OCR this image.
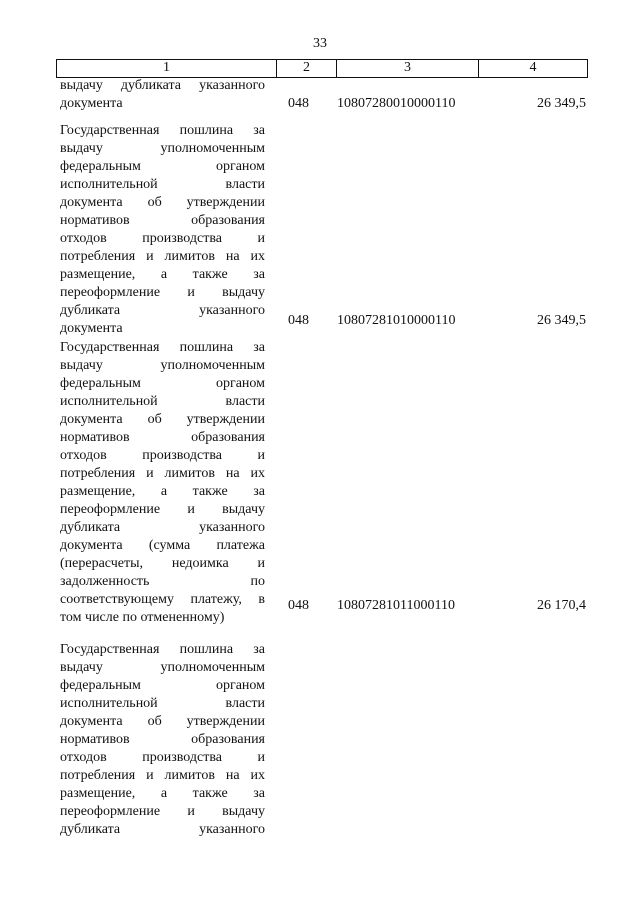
33
1	2	3	4
выдачу дубликата указанного
документа	048 10807280010000110	26 349,5
Государственная пошлина за
выдачу уполномоченным
федеральным органом
исполнительной власти
документа об утверждении
нормативов образования
отходов производства и
потребления и лимитов на их
размещение, а также за
переоформление и выдачу
дубликата указанного
документа
048 10807281010000110	26 349,5
Государственная пошлина за
выдачу уполномоченным
федеральным органом
исполнительной власти
документа об утверждении
нормативов образования
отходов производства и
потребления и лимитов на их
размещение, а также за
переоформление и выдачу
дубликата указанного
документа (сумма платежа
(перерасчеты, недоимка и
задолженность по
соответствующему платежу, в
том числе по отмененному)
048 10807281011000110	26 170,4
Государственная пошлина за
выдачу уполномоченным
федеральным органом
исполнительной власти
документа об утверждении
нормативов образования
отходов производства и
потребления и лимитов на их
размещение, а также за
переоформление и выдачу
дубликата указанного
